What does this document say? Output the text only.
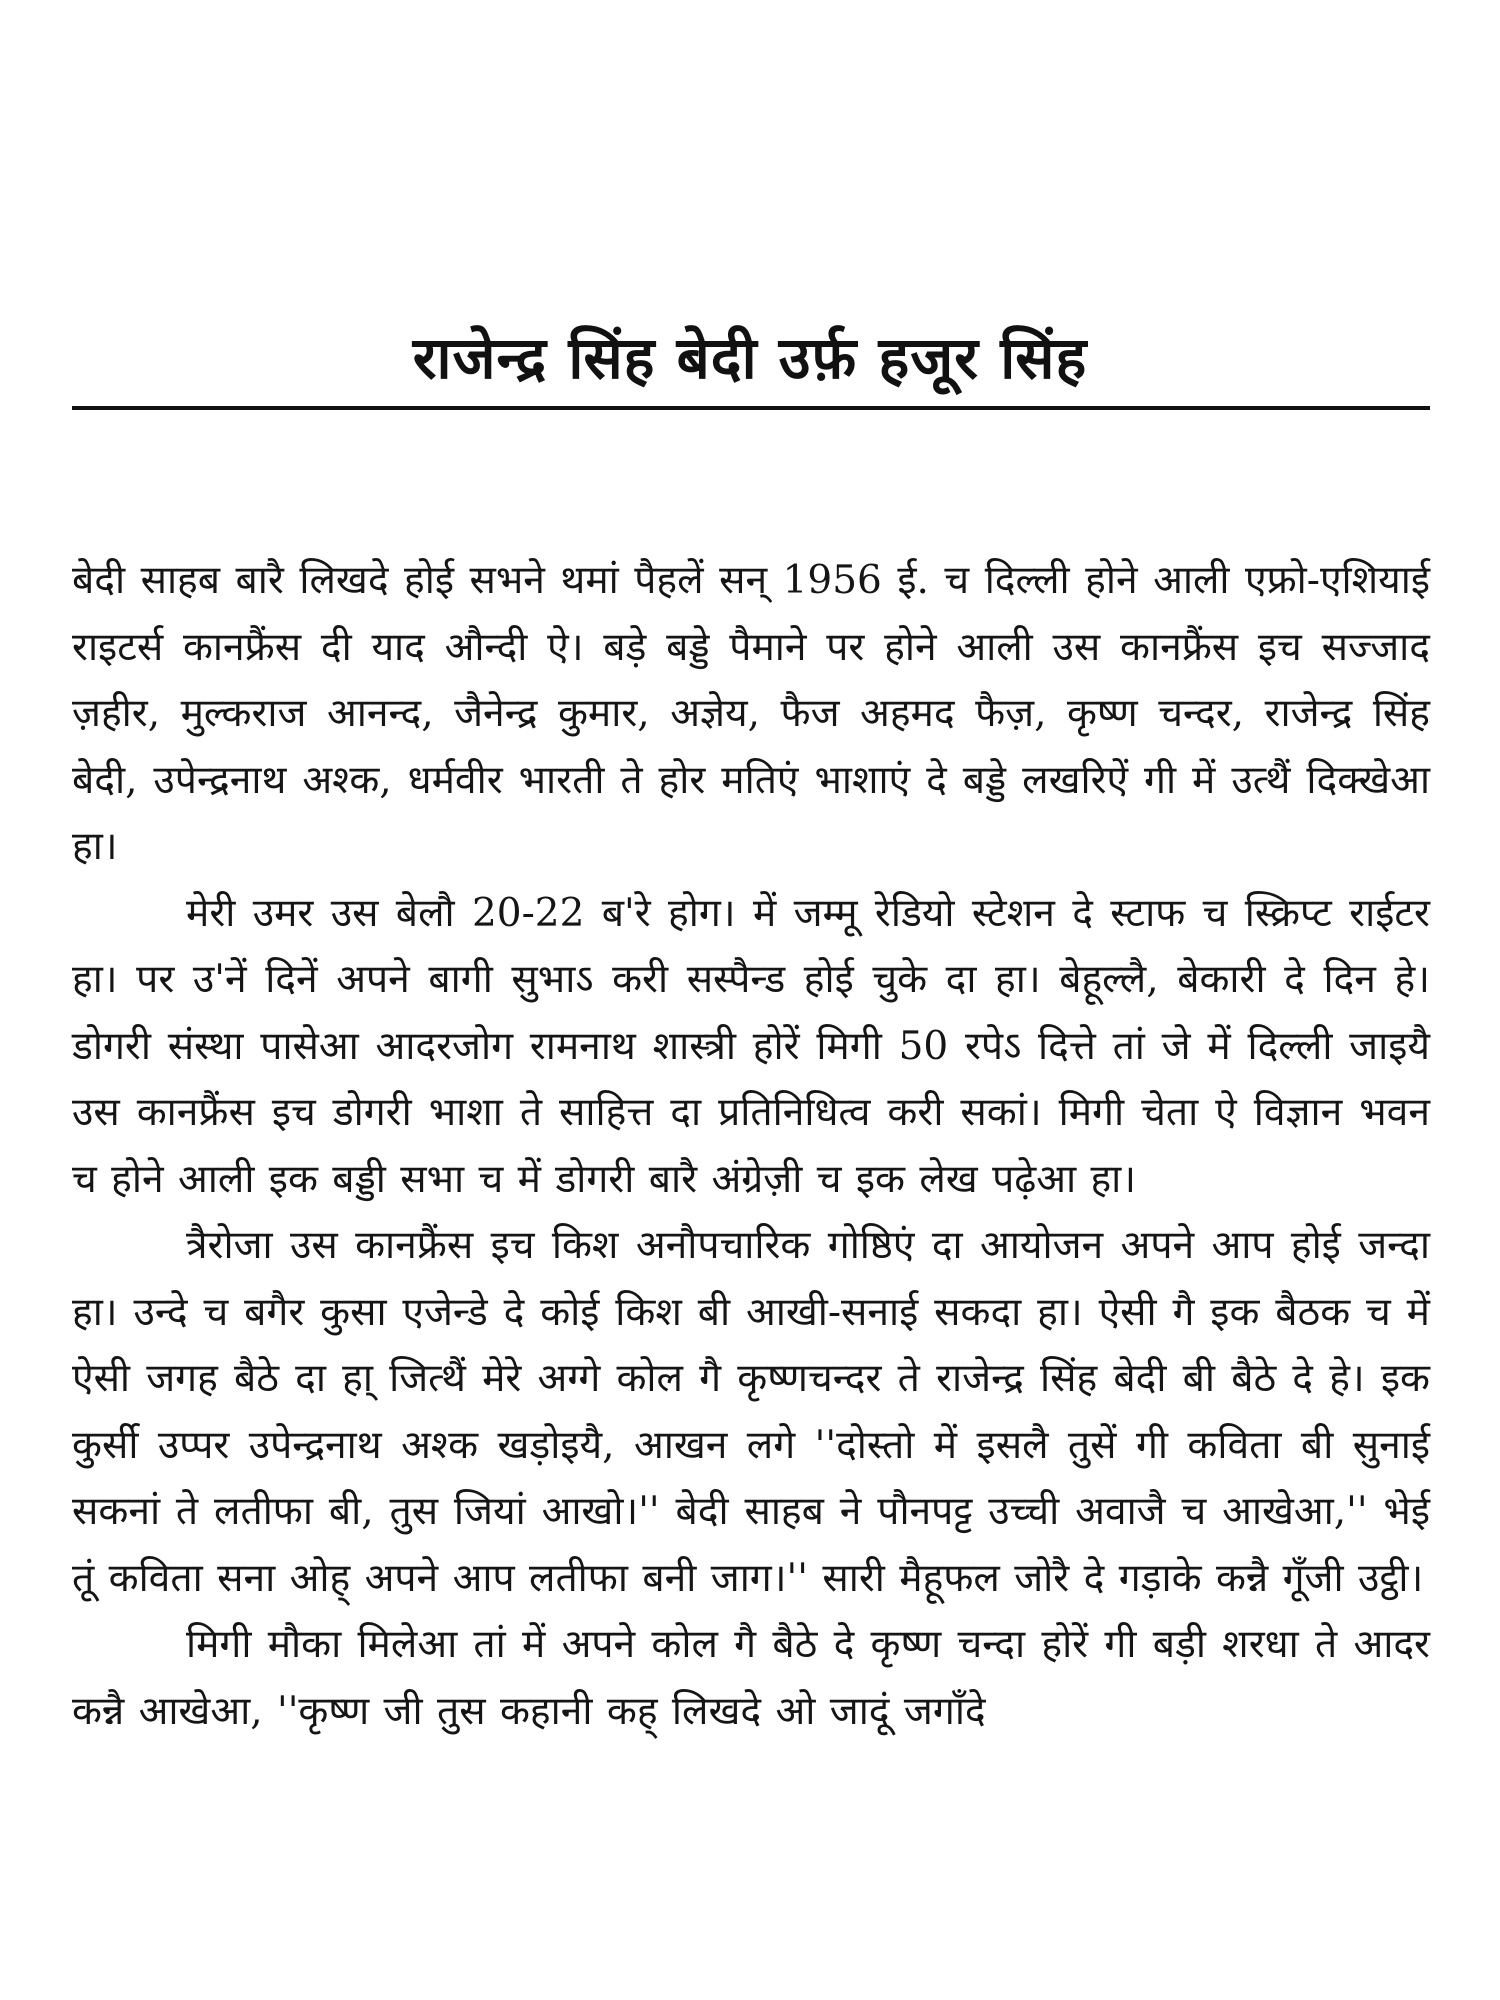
राजेन्द्र सिंह बेदी उर्फ़ हजूर सिंह

बेदी साहब बारै लिखदे होई सभने थमां पैहलें सन् 1956 ई. च दिल्ली होने आली एफ्रो-एशियाई राइटर्स कानफ्रैंस दी याद औन्दी ऐ। बड़े बड्डे पैमाने पर होने आली उस कानफ्रैंस इच सज्जाद ज़हीर, मुल्कराज आनन्द, जैनेन्द्र कुमार, अज्ञेय, फैज अहमद फैज़, कृष्ण चन्दर, राजेन्द्र सिंह बेदी, उपेन्द्रनाथ अश्क, धर्मवीर भारती ते होर मतिएं भाशाएं दे बड्डे लखरिऐं गी में उत्थैं दिक्खेआ हा।

मेरी उमर उस बेलौ 20-22 ब'रे होग। में जम्मू रेडियो स्टेशन दे स्टाफ च स्क्रिप्ट राईटर हा। पर उ'नें दिनें अपने बागी सुभाऽ करी सस्पैन्ड होई चुके दा हा। बेहूल्लै, बेकारी दे दिन हे। डोगरी संस्था पासेआ आदरजोग रामनाथ शास्त्री होरें मिगी 50 रपेऽ दित्ते तां जे में दिल्ली जाइयै उस कानफ्रैंस इच डोगरी भाशा ते साहित्त दा प्रतिनिधित्व करी सकां। मिगी चेता ऐ विज्ञान भवन च होने आली इक बड्डी सभा च में डोगरी बारै अंग्रेज़ी च इक लेख पढ़ेआ हा।

त्रैरोजा उस कानफ्रैंस इच किश अनौपचारिक गोष्ठिएं दा आयोजन अपने आप होई जन्दा हा। उन्दे च बगैर कुसा एजेन्डे दे कोई किश बी आखी-सनाई सकदा हा। ऐसी गै इक बैठक च में ऐसी जगह बैठे दा हा् जित्थैं मेरे अग्गे कोल गै कृष्णचन्दर ते राजेन्द्र सिंह बेदी बी बैठे दे हे। इक कुर्सी उप्पर उपेन्द्रनाथ अश्क खड़ोइयै, आखन लगे ''दोस्तो में इसलै तुसें गी कविता बी सुनाई सकनां ते लतीफा बी, तुस जियां आखो।'' बेदी साहब ने पौनपट्ट उच्ची अवाजै च आखेआ,'' भेई तूं कविता सना ओह् अपने आप लतीफा बनी जाग।'' सारी मैहूफल जोरै दे गड़ाके कन्नै गूँजी उट्ठी।

मिगी मौका मिलेआ तां में अपने कोल गै बैठे दे कृष्ण चन्दा होरें गी बड़ी शरधा ते आदर कन्नै आखेआ, ''कृष्ण जी तुस कहानी कह् लिखदे ओ जादूं जगाँदे
